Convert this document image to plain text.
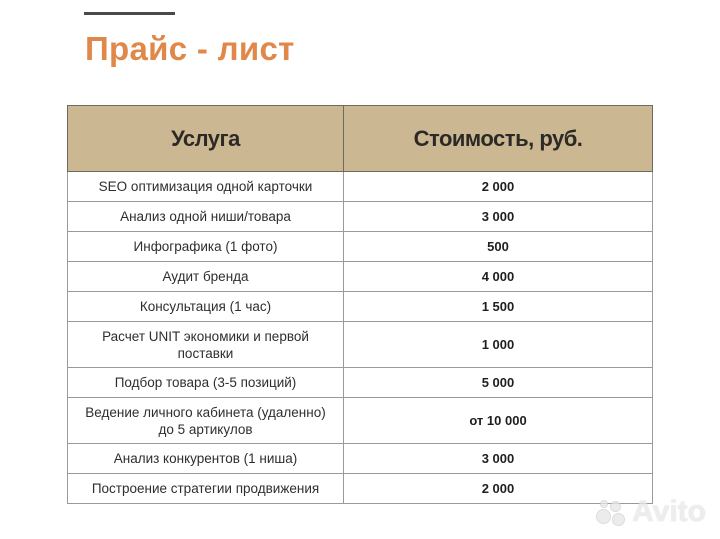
Прайс - лист
Услуга	Стоимость, руб.
SEO оптимизация одной карточки	2 000
Анализ одной ниши/товара	3 000
Инфографика (1 фото)	500
Аудит бренда	4 000
Консультация (1 час)	1 500
Расчет UNIT экономики и первой поставки	1 000
Подбор товара (3-5 позиций)	5 000
Ведение личного кабинета (удаленно) до 5 артикулов	от 10 000
Анализ конкурентов (1 ниша)	3 000
Построение стратегии продвижения	2 000
Avito
